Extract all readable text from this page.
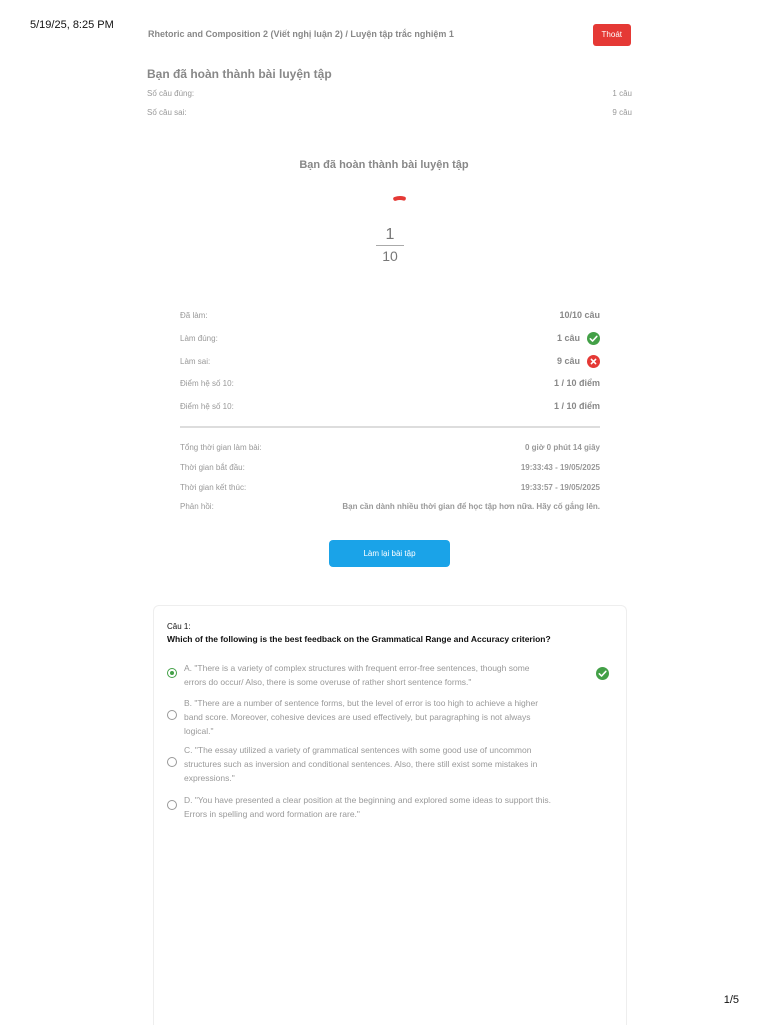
5/19/25, 8:25 PM
Rhetoric and Composition 2 (Viết nghị luận 2) / Luyện tập trắc nghiệm 1	Thoát
Bạn đã hoàn thành bài luyện tập
Số câu đúng:	1 câu
Số câu sai:	9 câu
Bạn đã hoàn thành bài luyện tập
1
10
Đã làm:	10/10 câu
Làm đúng:	1 câu
Làm sai:	9 câu
Điểm hệ số 10:	1 / 10 điểm
Điểm hệ số 10:	1 / 10 điểm
Tổng thời gian làm bài:	0 giờ 0 phút 14 giây
Thời gian bắt đầu:	19:33:43 - 19/05/2025
Thời gian kết thúc:	19:33:57 - 19/05/2025
Phản hồi:	Bạn cần dành nhiều thời gian để học tập hơn nữa. Hãy cố gắng lên.
Làm lại bài tập
Câu 1:
Which of the following is the best feedback on the Grammatical Range and Accuracy criterion?
A. "There is a variety of complex structures with frequent error-free sentences, though some errors do occur/ Also, there is some overuse of rather short sentence forms."
B. "There are a number of sentence forms, but the level of error is too high to achieve a higher band score. Moreover, cohesive devices are used effectively, but paragraphing is not always logical."
C. "The essay utilized a variety of grammatical sentences with some good use of uncommon structures such as inversion and conditional sentences. Also, there still exist some mistakes in expressions."
D. "You have presented a clear position at the beginning and explored some ideas to support this. Errors in spelling and word formation are rare."
1/5
